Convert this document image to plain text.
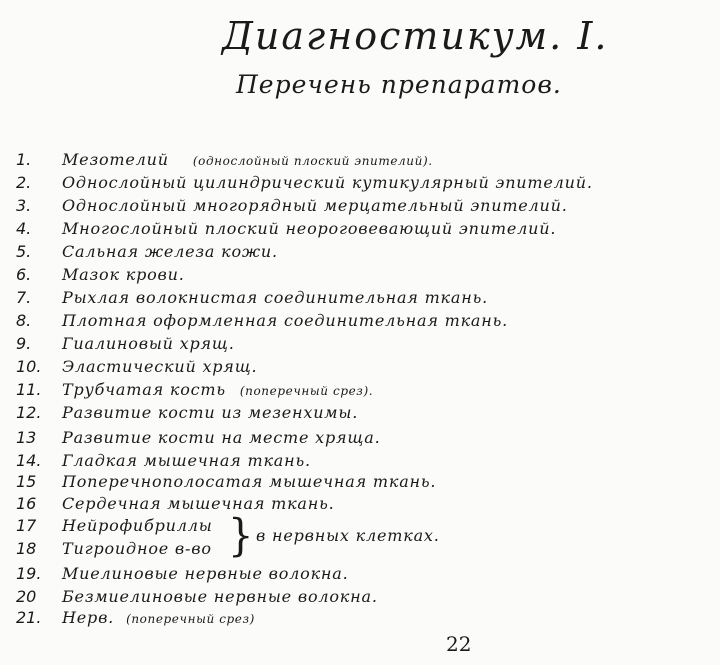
Диагностикум. I.
Перечень препаратов.
1.	Мезотелий (однослойный плоский эпителий).
2.	Однослойный цилиндрический кутикулярный эпителий.
3.	Однослойный многорядный мерцательный эпителий.
4.	Многослойный плоский неороговевающий эпителий.
5.	Сальная железа кожи.
6.	Мазок крови.
7.	Рыхлая волокнистая соединительная ткань.
8.	Плотная оформленная соединительная ткань.
9.	Гиалиновый хрящ.
10.	Эластический хрящ.
11.	Трубчатая кость (поперечный срез).
12.	Развитие кости из мезенхимы.
13	Развитие кости на месте хряща.
14.	Гладкая мышечная ткань.
15	Поперечнополосатая мышечная ткань.
16	Сердечная мышечная ткань.
17	Нейрофибриллы
18	Тигроидное в-во } в нервных клетках.
19.	Миелиновые нервные волокна.
20	Безмиелиновые нервные волокна.
21.	Нерв. (поперечный срез)
22
